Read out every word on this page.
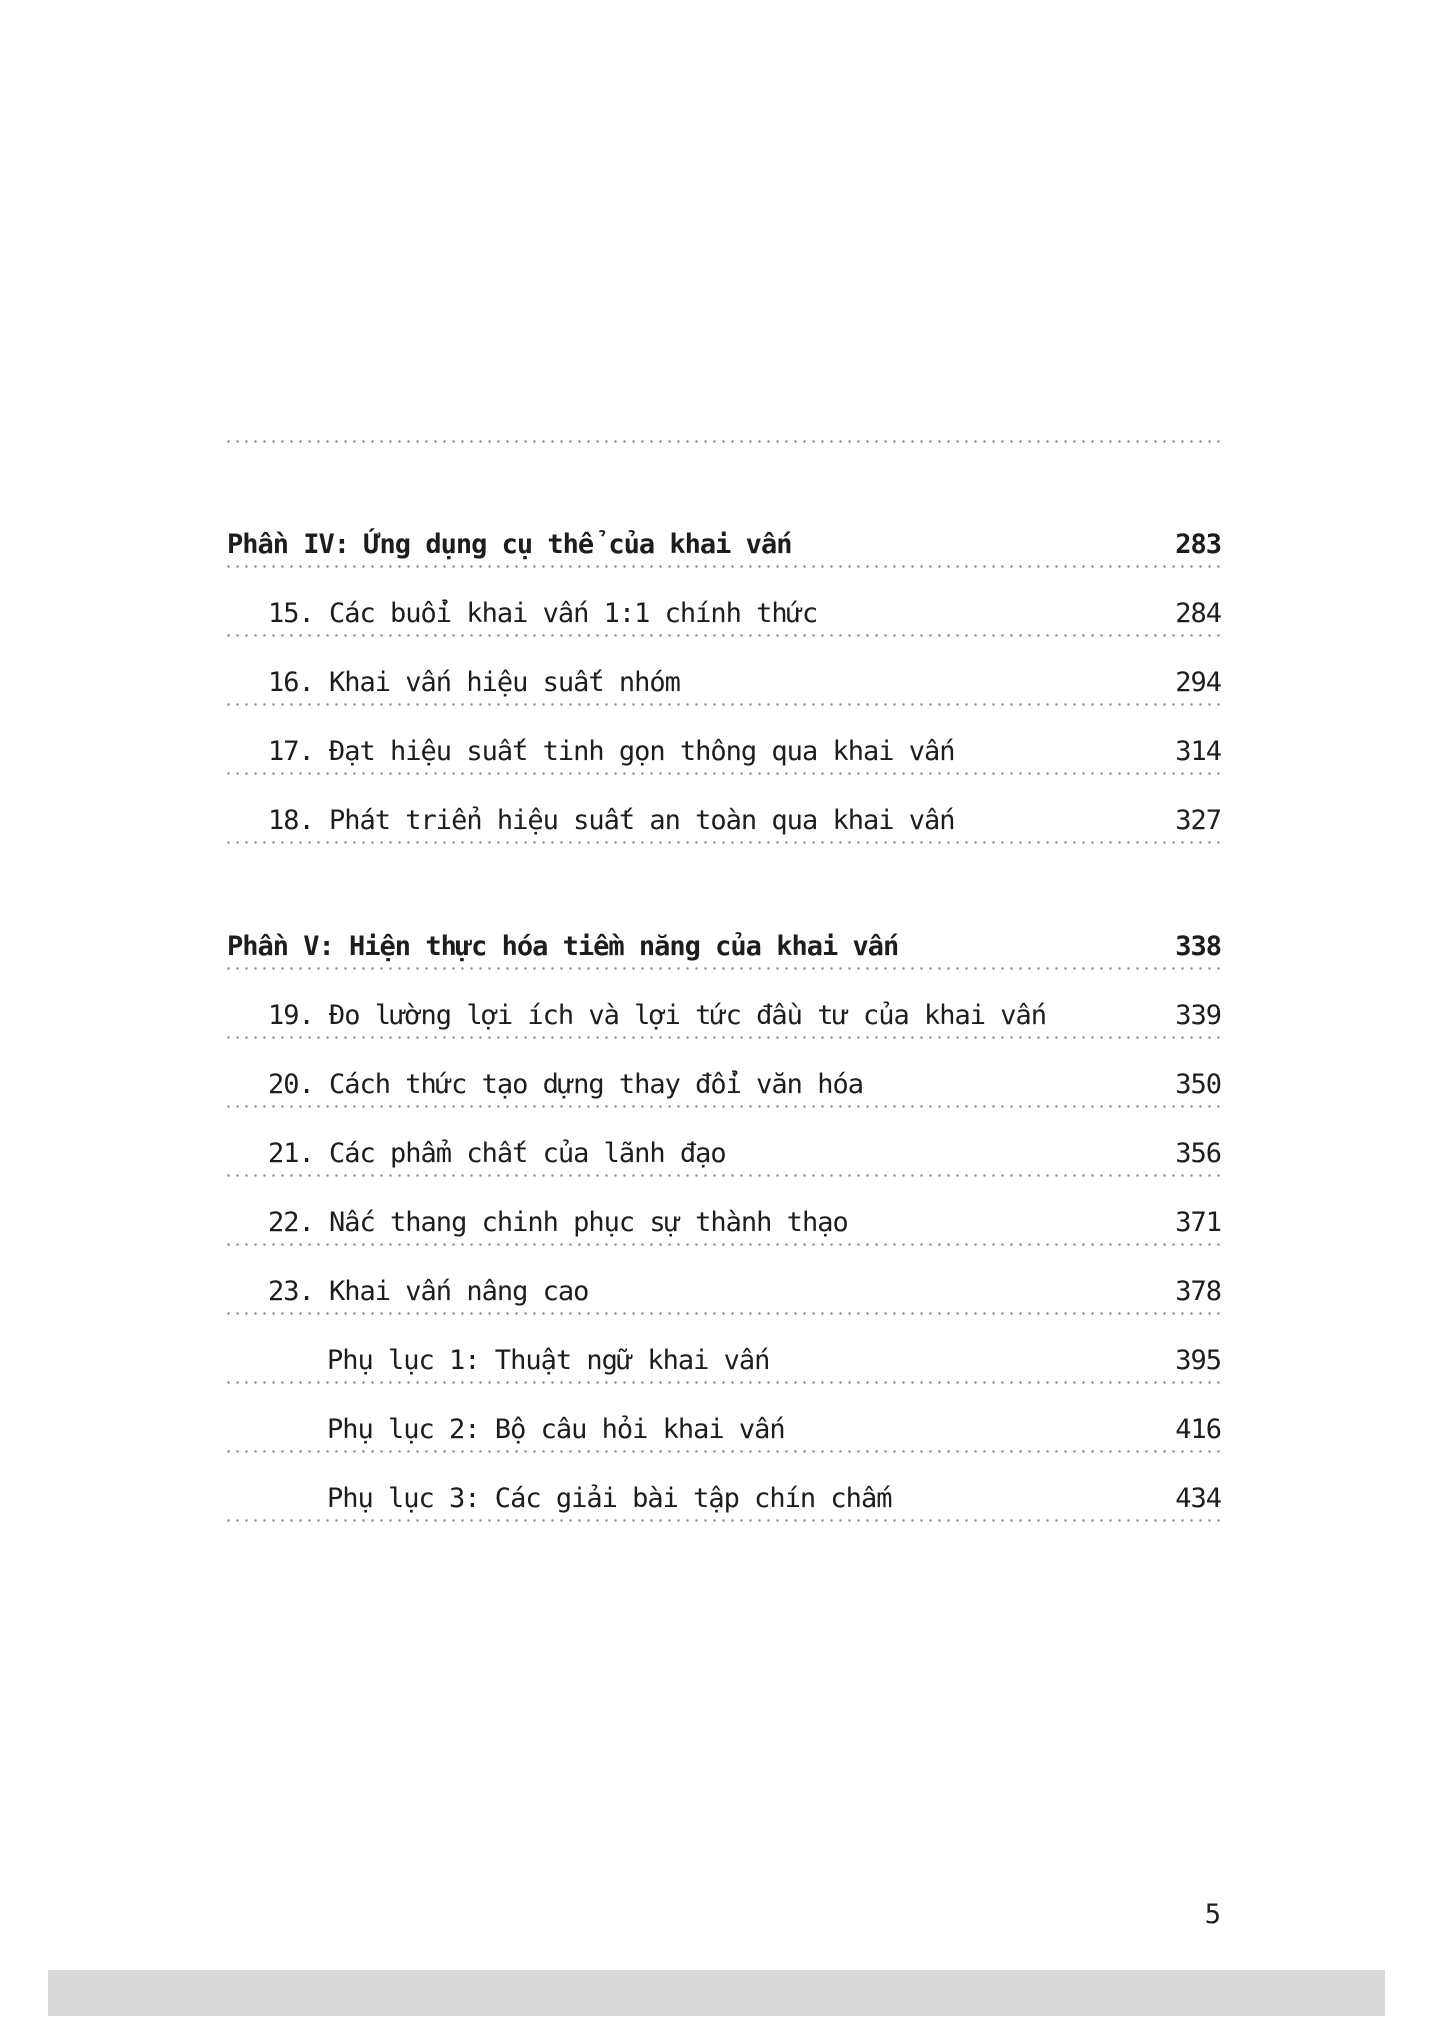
Phần IV: Ứng dụng cụ thể của khai vấn	283
15. Các buổi khai vấn 1:1 chính thức	284
16. Khai vấn hiệu suất nhóm	294
17. Đạt hiệu suất tinh gọn thông qua khai vấn	314
18. Phát triển hiệu suất an toàn qua khai vấn	327
Phần V: Hiện thực hóa tiềm năng của khai vấn	338
19. Đo lường lợi ích và lợi tức đầu tư của khai vấn	339
20. Cách thức tạo dựng thay đổi văn hóa	350
21. Các phẩm chất của lãnh đạo	356
22. Nấc thang chinh phục sự thành thạo	371
23. Khai vấn nâng cao	378
Phụ lục 1: Thuật ngữ khai vấn	395
Phụ lục 2: Bộ câu hỏi khai vấn	416
Phụ lục 3: Các giải bài tập chín chấm	434
5
